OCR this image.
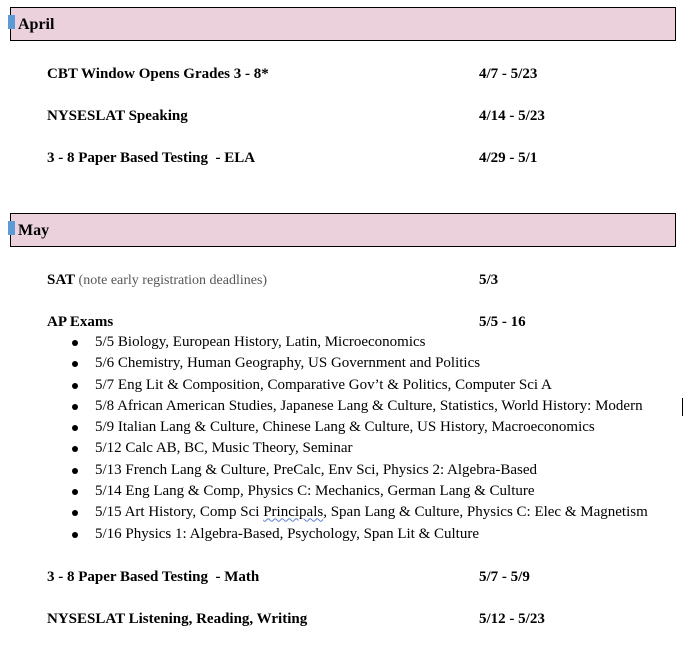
April
CBT Window Opens Grades 3 - 8*	4/7 - 5/23
NYSESLAT Speaking	4/14 - 5/23
3 - 8 Paper Based Testing  - ELA	4/29 - 5/1
May
SAT (note early registration deadlines)	5/3
AP Exams	5/5 - 16
5/5 Biology, European History, Latin, Microeconomics
5/6 Chemistry, Human Geography, US Government and Politics
5/7 Eng Lit & Composition, Comparative Gov’t & Politics, Computer Sci A
5/8 African American Studies, Japanese Lang & Culture, Statistics, World History: Modern
5/9 Italian Lang & Culture, Chinese Lang & Culture, US History, Macroeconomics
5/12 Calc AB, BC, Music Theory, Seminar
5/13 French Lang & Culture, PreCalc, Env Sci, Physics 2: Algebra-Based
5/14 Eng Lang & Comp, Physics C: Mechanics, German Lang & Culture
5/15 Art History, Comp Sci Principals, Span Lang & Culture, Physics C: Elec & Magnetism
5/16 Physics 1: Algebra-Based, Psychology, Span Lit & Culture
3 - 8 Paper Based Testing  - Math	5/7 - 5/9
NYSESLAT Listening, Reading, Writing	5/12 - 5/23
